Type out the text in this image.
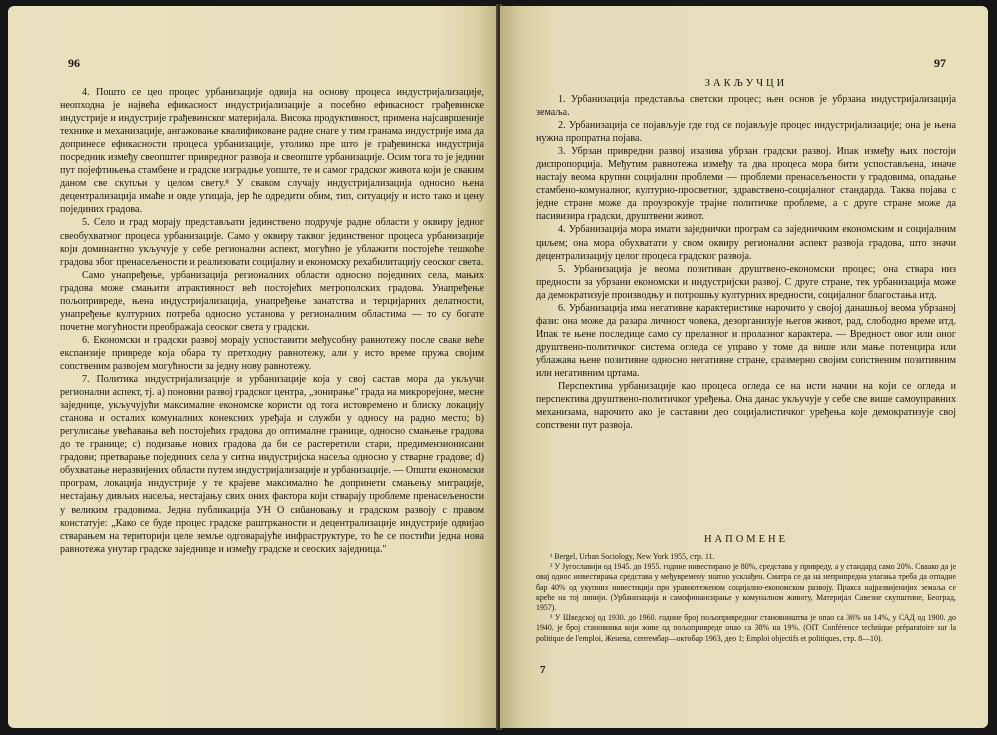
96

4. Пошто се цео процес урбанизације одвија на основу процеса индустријализације, неопходна је највећа ефикасност индустријализације а посебно ефикасност грађевинске индустрије и индустрије грађевинског материјала. Висока продуктивност, примена најсавршеније технике и механизације, ангажовање квалификоване радне снаге у тим гранама индустрије има да допринесе ефикасности процеса урбанизације, утолико пре што је грађевинска индустрија посредник између свеопштег привредног развоја и свеопште урбанизације. Осим тога то је једини пут појефтињења стамбене и градске изградње уопште, те и самог градског живота који је сваким даном све скупљи у целом свету.⁸ У сваком случају индустријализација односно њена децентрализација имаће и овде утицаја, јер ће одредити обим, тип, ситуацију и исто тако и цену појединих градова.

5. Село и град морају представљати јединствено подручје радне области у оквиру једног свеобухватног процеса урбанизације. Само у оквиру таквог јединственог процеса урбанизације који доминантно укључује у себе регионални аспект, могућно је ублажити постојеће тешкоће градова због пренасељености и реализовати социјалну и економску рехабилитацију сеоског света.

Само унапређење, урбанизација регионалних области односно појединих села, мањих градова може смањити атрактивност већ постојећих метрополских градова. Унапређење пољопривреде, њена индустријализација, унапређење занатства и терцијарних делатности, унапређење културних потреба односно установа у регионалним областима — то су богате почетне могућности преображаја сеоског света у градски.

6. Економски и градски развој морају успоставити међусобну равнотежу после сваке веће експанзије привреде која обара ту претходну равнотежу, али у исто време пружа својим сопственим развојем могућности за једну нову равнотежу.

7. Политика индустријализације и урбанизације која у свој састав мора да укључи регионални аспект, тј. а) поновни развој градског центра, „зонирање" града на микрорејоне, месне заједнице, укључујући максималне економске користи од тога истовремено и блиску локацију станова и осталих комуналних конексних уређаја и служби у односу на радно место; b) регулисање увећавања већ постојећих градова до оптималне границе, односно смањење градова до те границе; c) подизање нових градова да би се растеретили стари, предимензионисани градови; претварање појединих села у ситна индустријска насеља односно у стварне градове; d) обухватање неразвијених области путем индустријализације и урбанизације. — Општи економски програм, локација индустрије у те крајеве максимално ће допринети смањењу миграције, нестајању дивљих насеља, нестајању свих оних фактора који стварају проблеме пренасељености у великим градовима. Једна публикација УН О сиūановању и градском развоју с правом констатује: „Како се буде процес градске раштрканости и децентрализације индустрије одвијао стварањем на територији целе земље одговарајуће инфраструктуре, то ће се постићи једна нова равнотежа унутар градске заједнице и између градске и сеоских заједница."

97
ЗАКЉУЧЦИ

1. Урбанизација представља светски процес; њен основ је убрзана индустријализација земаља.

2. Урбанизација се појављује где год се појављује процес индустријализације; она је њена нужна пропратна појава.

3. Убрзан привредни развој изазива убрзан градски развој. Ипак између њих постоји диспропорција. Међутим равнотежа између та два процеса мора бити успостављена, иначе настају веома крупни социјални проблеми — проблеми пренасељености у градовима, опадање стамбено-комуналног, културно-просветног, здравствено-социјалног стандарда. Таква појава с једне стране може да проузрокује трајне политичке проблеме, а с друге стране може да пасивизира градски, друштвени живот.

4. Урбанизација мора имати заједнички програм са заједничким економским и социјалним циљем; она мора обухватати у свом оквиру регионални аспект развоја градова, што значи децентрализацију целог процеса градског развоја.

5. Урбанизација је веома позитиван друштвено-економски процес; она ствара низ предности за убрзани економски и индустријски развој. С друге стране, тек урбанизација може да демократизује производњу и потрошњу културних вредности, социјалног благостања итд.

6. Урбанизација има негативне карактеристике нарочито у својој данашњој веома убрзаној фази: она може да разара личност човека, дезорганизује његов живот, рад, слободно време итд. Ипак те њене последице само су прелазног и пролазног карактера. — Вредност овог или оног друштвено-политичког система огледа се управо у томе да више или мање потенцира или ублажава њене позитивне односно негативне стране, сразмерно својим сопственим позитивним или негативним цртама.

Перспектива урбанизације као процеса огледа се на исти начин на који се огледа и перспектива друштвено-политичког уређења. Она данас укључује у себе све више самоуправних механизама, нарочито ако је саставни део социјалистичког уређења које демократизује свој сопствени пут развоја.

НАПОМЕНЕ

¹ Bergel, Urban Sociology, New York 1955, стр. 11.

² У Југославији од 1945. до 1955. године инвестирано је 80%, средстава у привреду, а у стандард само 20%. Сваако да је овај однос инвестирања средстава у међувремену знатно усклађен. Сматра се да на неприпредна улагања треба да отпадне бар 40% од укупних инвестиција при уравнотеженом социјално-економском развоју. Пракса најразвијенијих земаља се креће на тој линији. (Урбанизација и самофинансирање у комуналном животу, Материјал Савезне скупштине, Београд, 1957).

³ У Шведској од 1930. до 1960. године број пољопривредног становништва је опао са 36% на 14%, у САД од 1900. до 1940. је број становника који живе од пољопривреде опао са 38% на 19%. (OIT Conférence technique préparatoire sur la politique de l'emploi, Женева, септембар—октобар 1963, део 1; Emploi objectifs et politiques, стр. 8—10).

7
